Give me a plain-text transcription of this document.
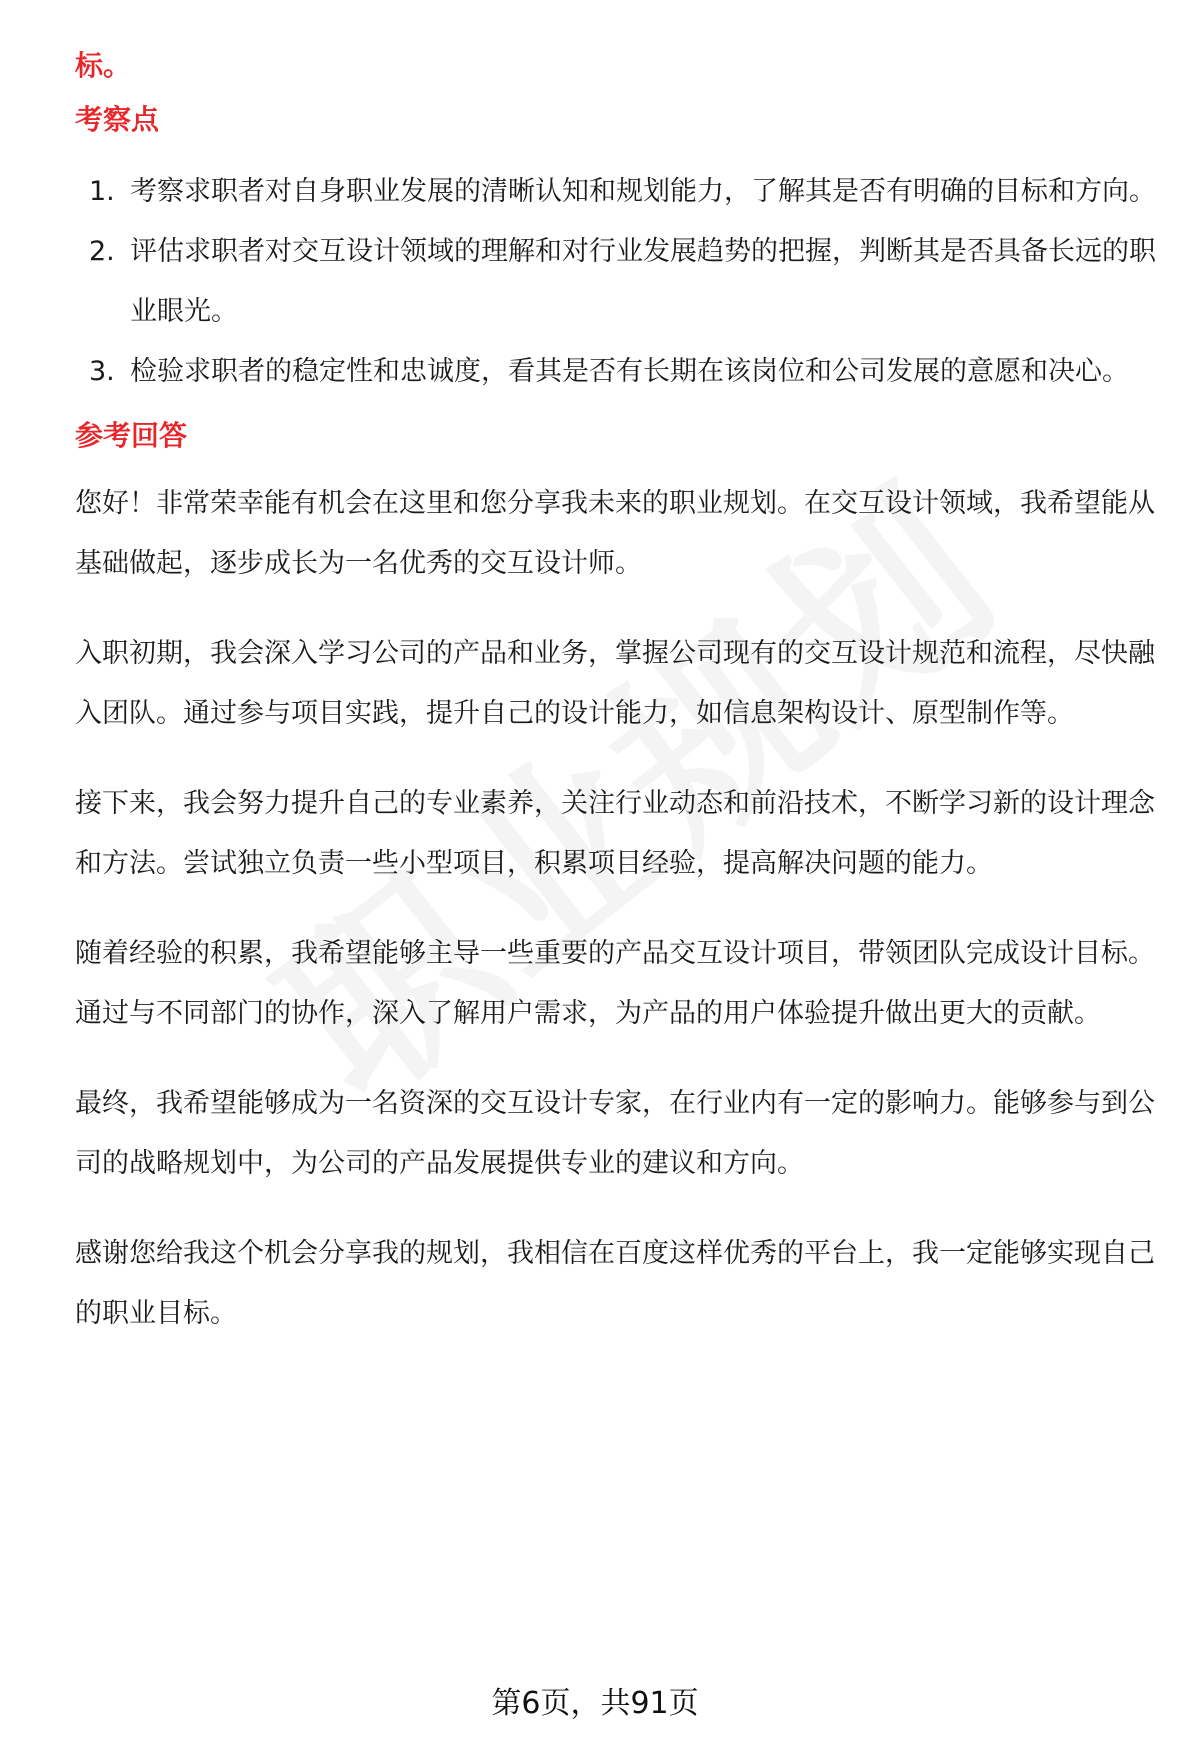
标。
考察点
1. 考察求职者对自身职业发展的清晰认知和规划能力，了解其是否有明确的目标和方向。
2. 评估求职者对交互设计领域的理解和对行业发展趋势的把握，判断其是否具备长远的职业眼光。
3. 检验求职者的稳定性和忠诚度，看其是否有长期在该岗位和公司发展的意愿和决心。
参考回答

您好！非常荣幸能有机会在这里和您分享我未来的职业规划。在交互设计领域，我希望能从基础做起，逐步成长为一名优秀的交互设计师。

入职初期，我会深入学习公司的产品和业务，掌握公司现有的交互设计规范和流程，尽快融入团队。通过参与项目实践，提升自己的设计能力，如信息架构设计、原型制作等。

接下来，我会努力提升自己的专业素养，关注行业动态和前沿技术，不断学习新的设计理念和方法。尝试独立负责一些小型项目，积累项目经验，提高解决问题的能力。

随着经验的积累，我希望能够主导一些重要的产品交互设计项目，带领团队完成设计目标。通过与不同部门的协作，深入了解用户需求，为产品的用户体验提升做出更大的贡献。

最终，我希望能够成为一名资深的交互设计专家，在行业内有一定的影响力。能够参与到公司的战略规划中，为公司的产品发展提供专业的建议和方向。

感谢您给我这个机会分享我的规划，我相信在百度这样优秀的平台上，我一定能够实现自己的职业目标。

第6页，共91页
